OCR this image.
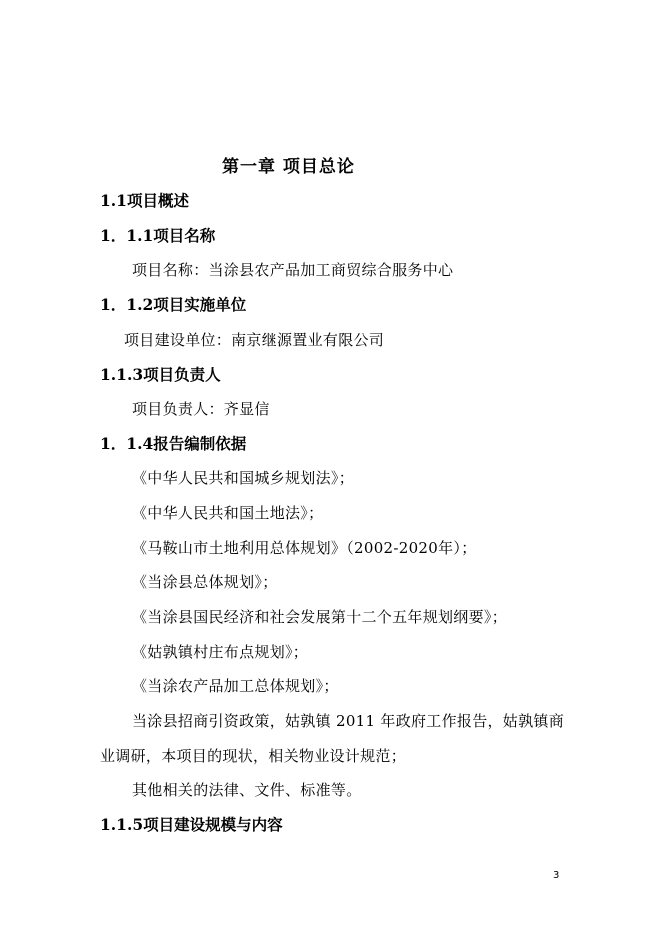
第一章 项目总论
1.1项目概述
1．1.1项目名称
项目名称：当涂县农产品加工商贸综合服务中心
1．1.2项目实施单位
项目建设单位：南京继源置业有限公司
1.1.3项目负责人
项目负责人：齐显信
1．1.4报告编制依据
《中华人民共和国城乡规划法》；
《中华人民共和国土地法》；
《马鞍山市土地利用总体规划》（2002-2020年）；
《当涂县总体规划》；
《当涂县国民经济和社会发展第十二个五年规划纲要》；
《姑孰镇村庄布点规划》；
《当涂农产品加工总体规划》；
当涂县招商引资政策，姑孰镇 2011 年政府工作报告，姑孰镇商
业调研，本项目的现状，相关物业设计规范；
其他相关的法律、文件、标准等。
1.1.5项目建设规模与内容
3
